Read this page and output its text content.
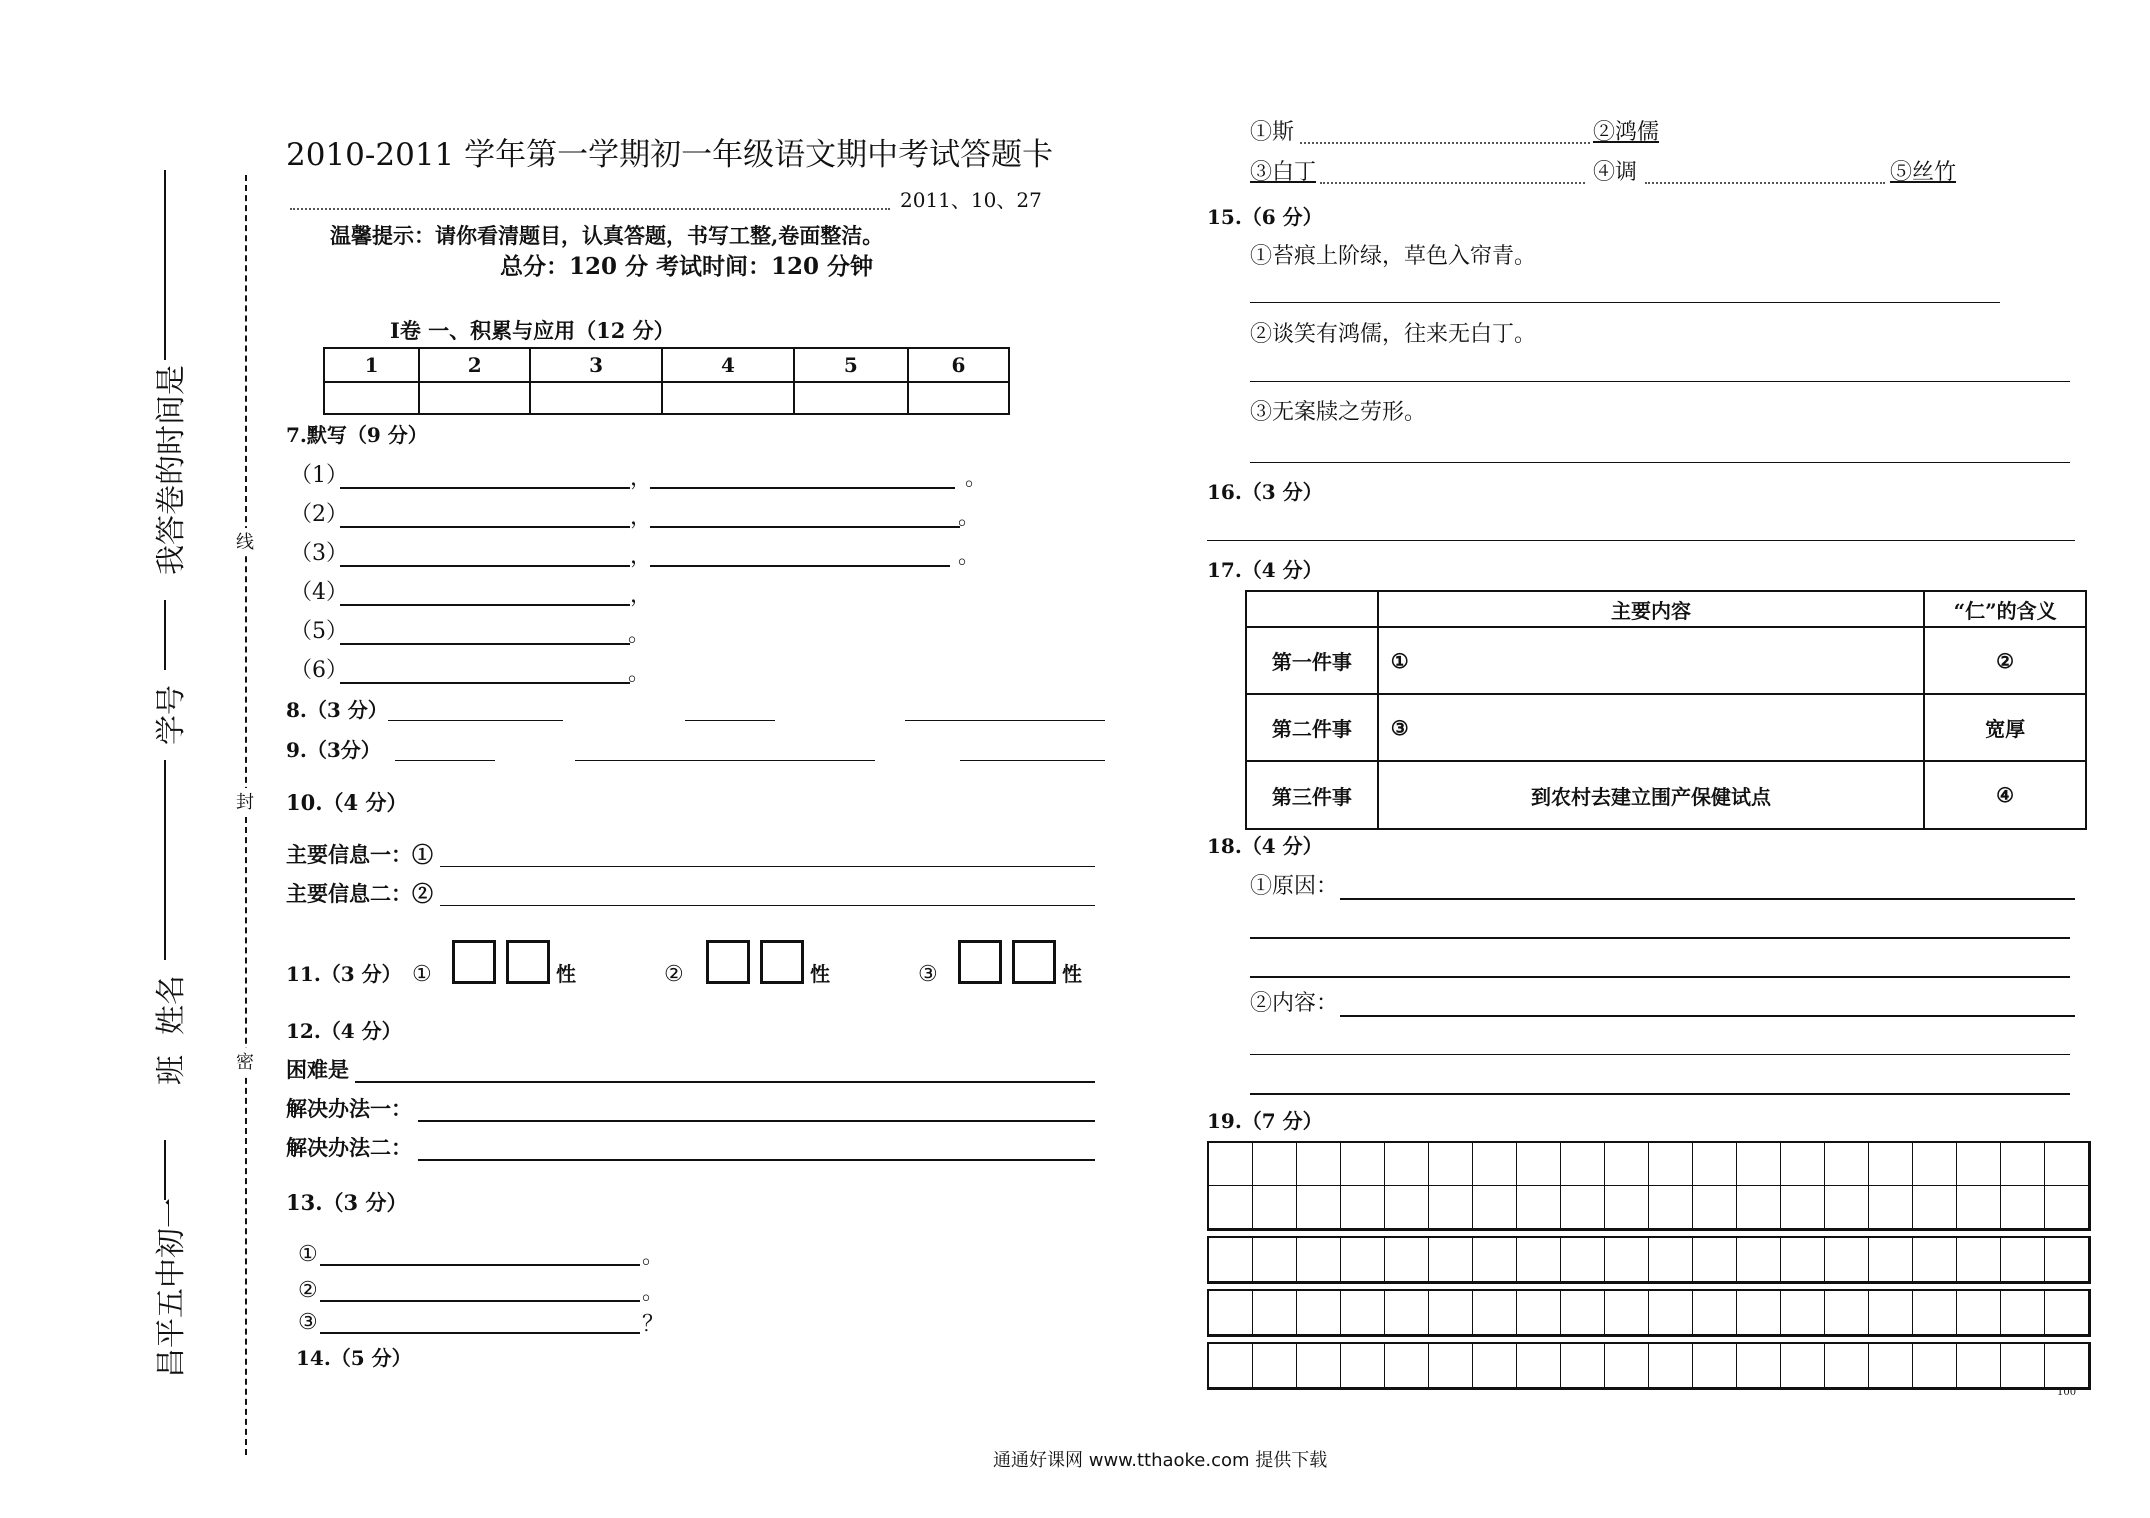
昌平五中初一
班
姓名
学号
我答卷的时间是	线
封
密
2010-2011 学年第一学期初一年级语文期中考试答题卡
2011、10、27
温馨提示：请你看清题目，认真答题，书写工整,卷面整洁。
总分：120 分 考试时间：120 分钟
Ⅰ卷 一、积累与应用（12 分）
1	2	3	4	5	6

7.默写（9 分）
（1）	，	。
（2）	，	。
（3）	，	。
（4）	，
（5）	。
（6）	。
8.（3 分）
9.（3分）
10.（4 分）
主要信息一：①
主要信息二：②
11.（3 分） ①	性	②	性	③	性
12.（4 分）
困难是
解决办法一：
解决办法二：
13.（3 分）
①	。
②	。
③	？
14.（5 分）
①斯	②鸿儒
③白丁	④调	⑤丝竹
15.（6 分）
①苔痕上阶绿，草色入帘青。
②谈笑有鸿儒，往来无白丁。
③无案牍之劳形。
16.（3 分）
17.（4 分）
	主要内容	“仁”的含义
第一件事	①	②
第二件事	③	宽厚
第三件事	到农村去建立围产保健试点	④
18.（4 分）
①原因：
②内容：
19.（7 分）
100
通通好课网 www.tthaoke.com 提供下载
